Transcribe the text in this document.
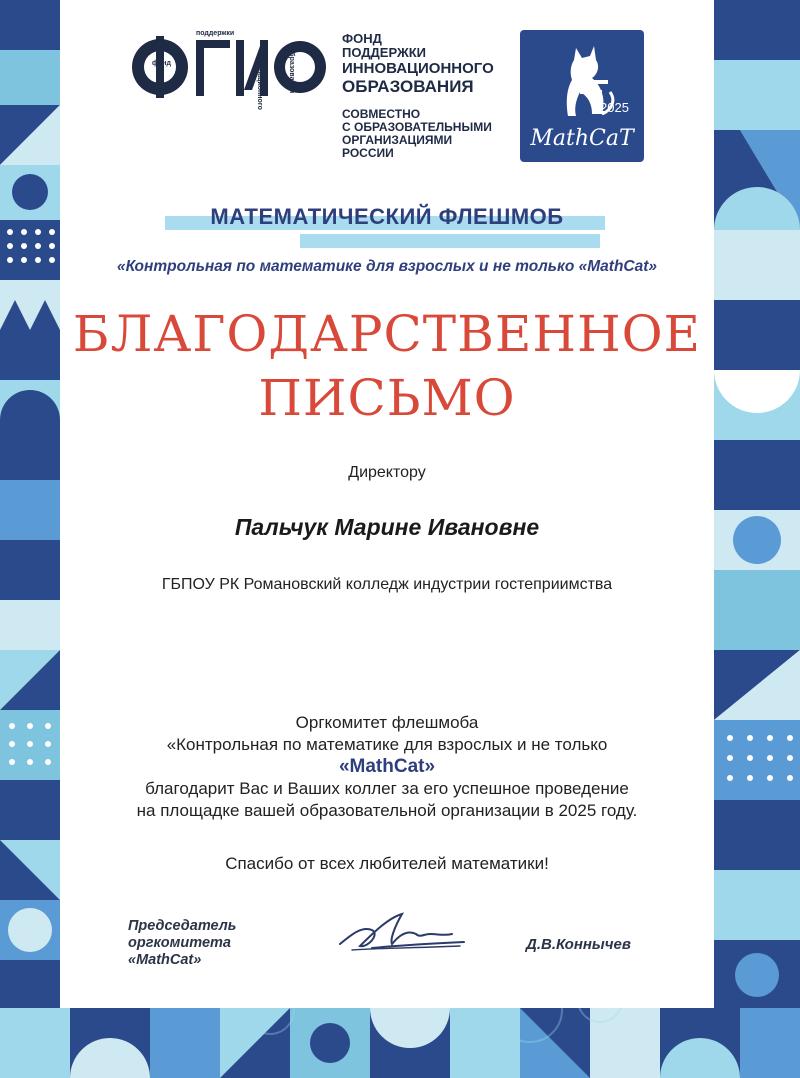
поддержки
фонд	инновационного	образования
ФОНД
ПОДДЕРЖКИ
ИННОВАЦИОННОГО
ОБРАЗОВАНИЯ
СОВМЕСТНО
С ОБРАЗОВАТЕЛЬНЫМИ
ОРГАНИЗАЦИЯМИ
РОССИИ
2025
MathCaT
МАТЕМАТИЧЕСКИЙ ФЛЕШМОБ
«Контрольная по математике для взрослых и не только «MathCat»
БЛАГОДАРСТВЕННОЕ
ПИСЬМО
Директору
Пальчук Марине Ивановне
ГБПОУ РК Романовский колледж индустрии гостеприимства
Оргкомитет флешмоба
«Контрольная по математике для взрослых и не только
«MathCat»
благодарит Вас и Ваших коллег за его успешное проведение
на площадке вашей образовательной организации в 2025 году.
Спасибо от всех любителей математики!
Председатель
оргкомитета
«MathCat»
Д.В.Коннычев
